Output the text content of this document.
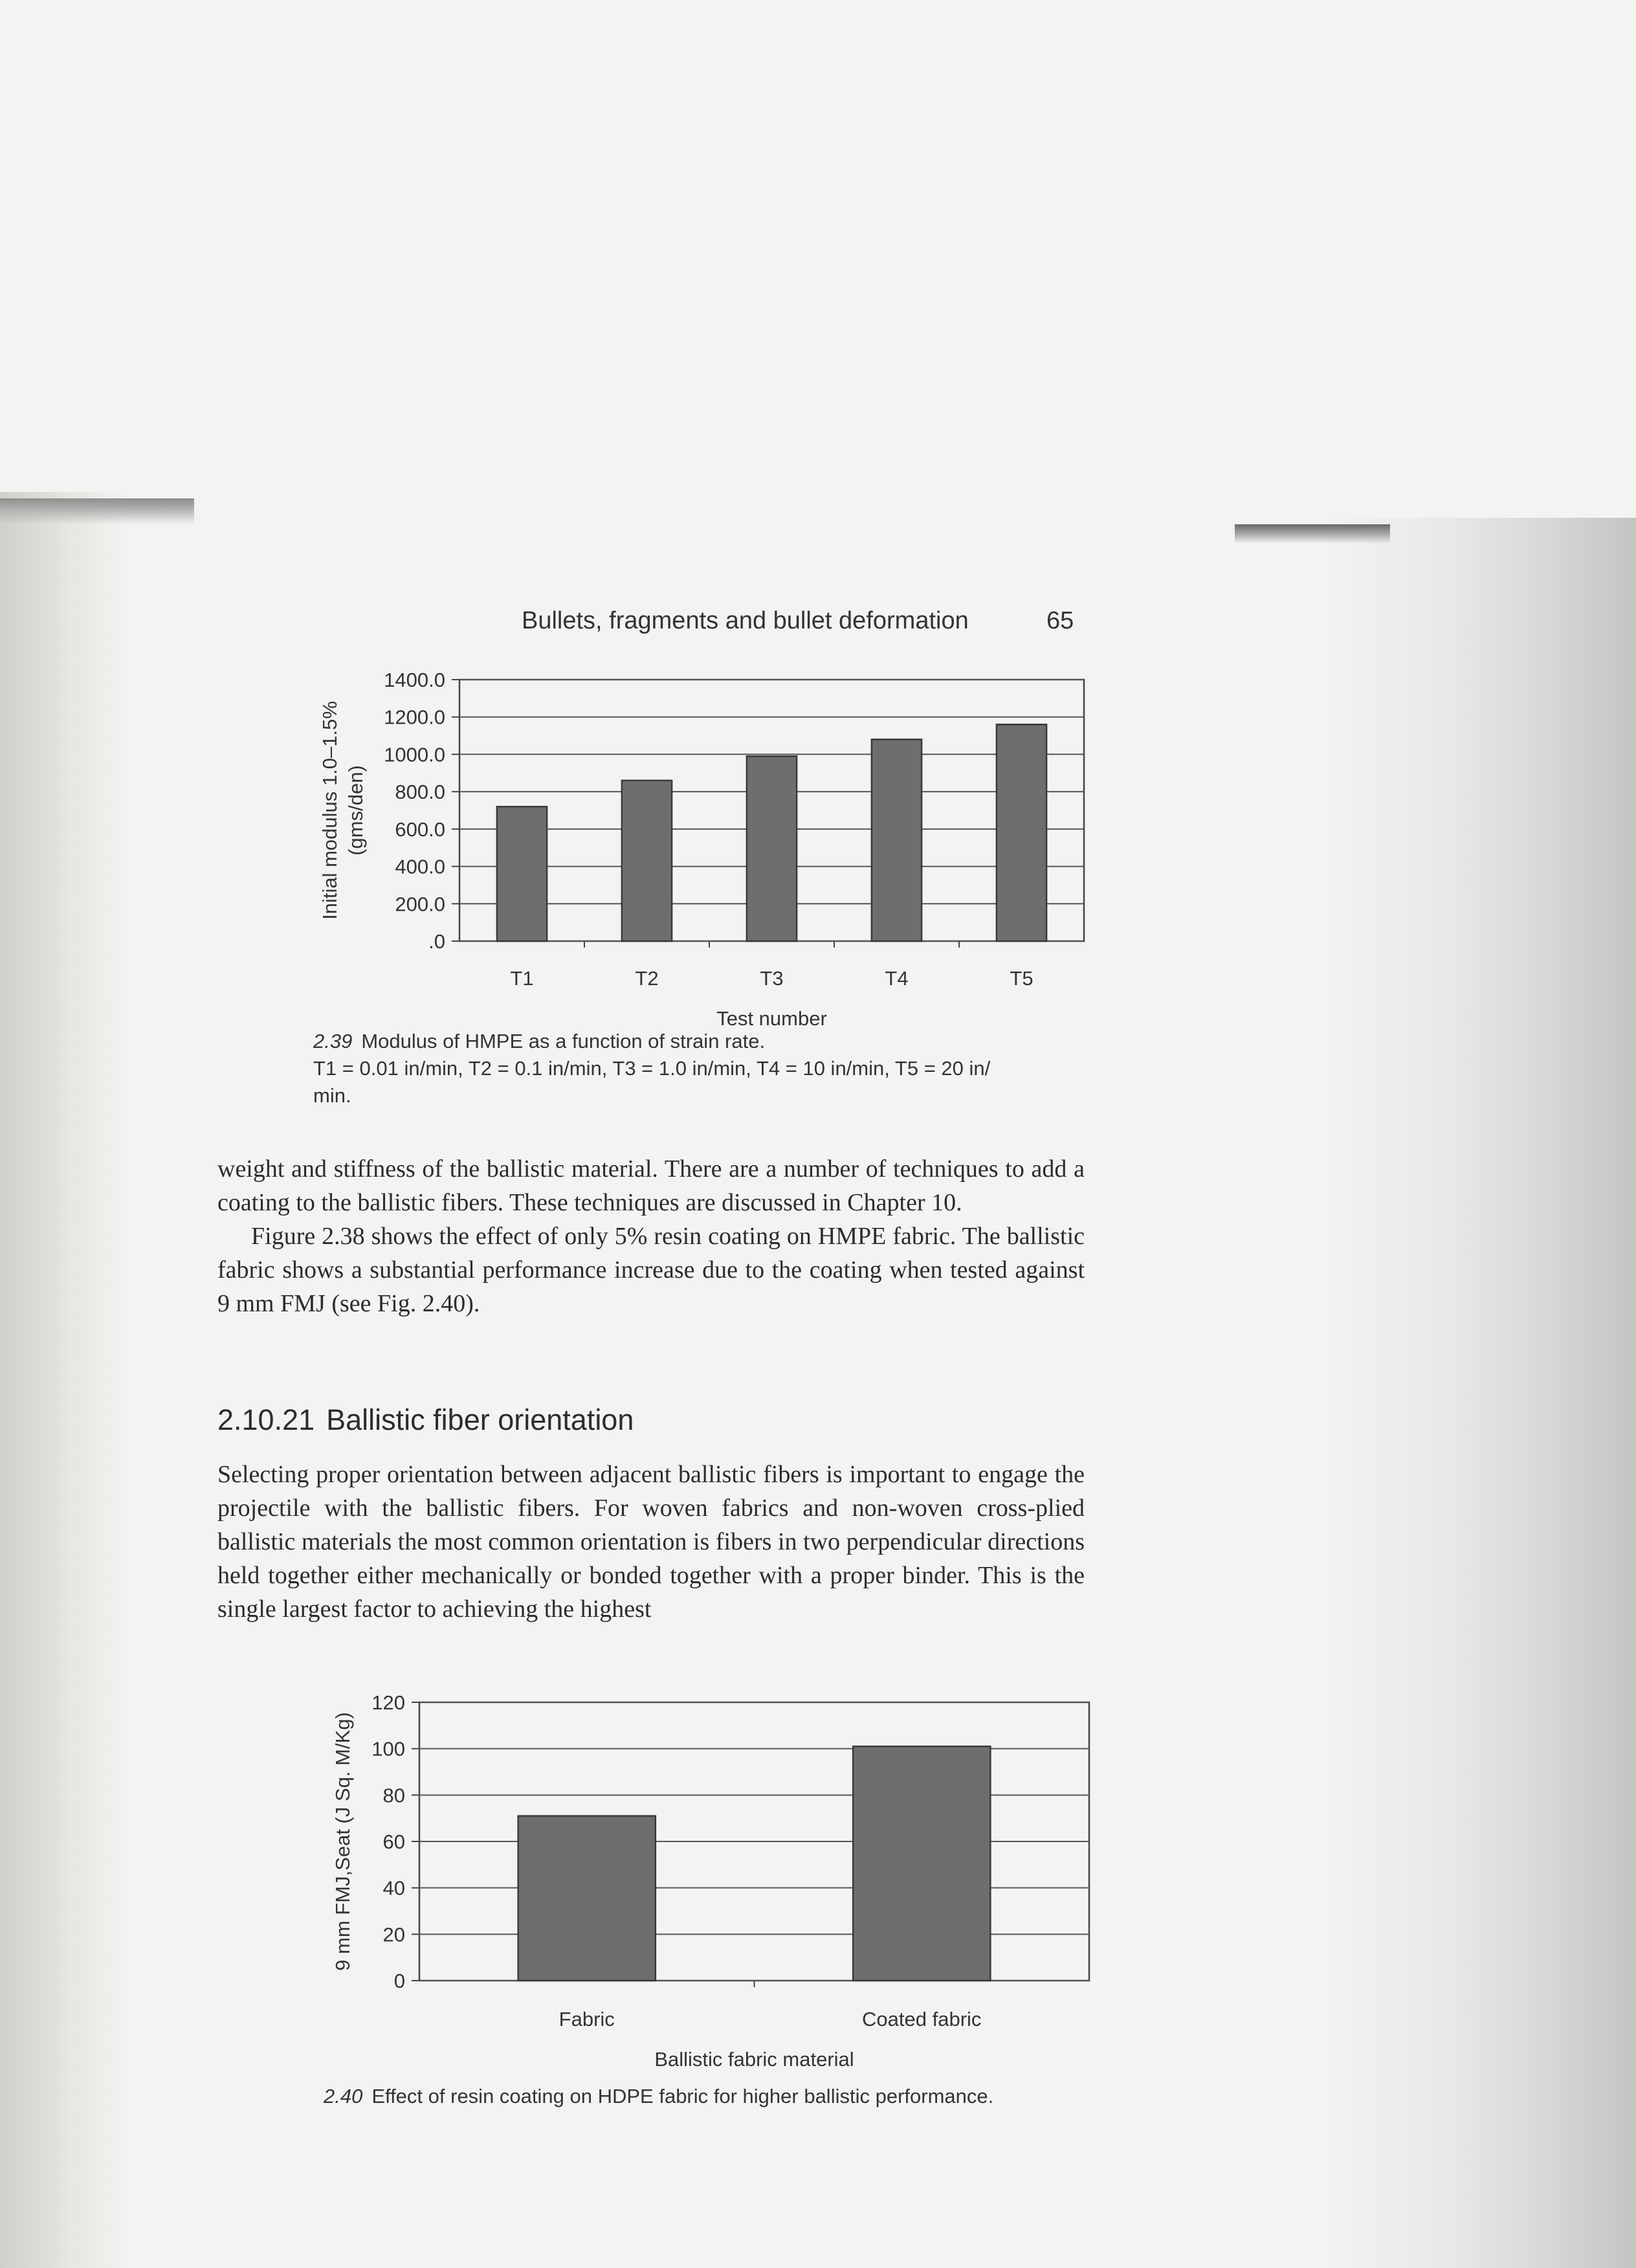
Bullets, fragments and bullet deformation	65
1400.0
1200.0
1000.0
800.0
600.0
400.0
200.0
.0
T1	T2	T3	T4	T5
Test number
Initial modulus 1.0–1.5% (gms/den)
2.39 Modulus of HMPE as a function of strain rate.
T1 = 0.01 in/min, T2 = 0.1 in/min, T3 = 1.0 in/min, T4 = 10 in/min, T5 = 20 in/
min.

weight and stiffness of the ballistic material. There are a number of techniques to add a coating to the ballistic fibers. These techniques are discussed in Chapter 10.

Figure 2.38 shows the effect of only 5% resin coating on HMPE fabric. The ballistic fabric shows a substantial performance increase due to the coating when tested against 9 mm FMJ (see Fig. 2.40).

2.10.21 Ballistic fiber orientation

Selecting proper orientation between adjacent ballistic fibers is important to engage the projectile with the ballistic fibers. For woven fabrics and non-woven cross-plied ballistic materials the most common orientation is fibers in two perpendicular directions held together either mechanically or bonded together with a proper binder. This is the single largest factor to achieving the highest

120
100
80
60
40
20
0
Fabric	Coated fabric
Ballistic fabric material
9 mm FMJ,Seat (J Sq. M/Kg)
2.40 Effect of resin coating on HDPE fabric for higher ballistic performance.
